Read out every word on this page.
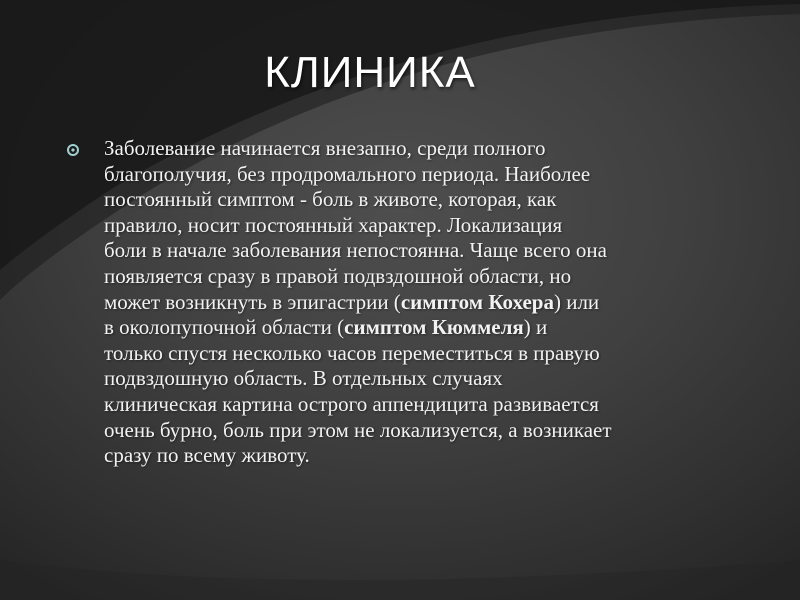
КЛИНИКА
Заболевание начинается внезапно, среди полного
благополучия, без продромального периода. Наиболее
постоянный симптом - боль в животе, которая, как
правило, носит постоянный характер. Локализация
боли в начале заболевания непостоянна. Чаще всего она
появляется сразу в правой подвздошной области, но
может возникнуть в эпигастрии (симптом Кохера) или
в околопупочной области (симптом Кюммеля) и
только спустя несколько часов переместиться в правую
подвздошную область. В отдельных случаях
клиническая картина острого аппендицита развивается
очень бурно, боль при этом не локализуется, а возникает
сразу по всему животу.
